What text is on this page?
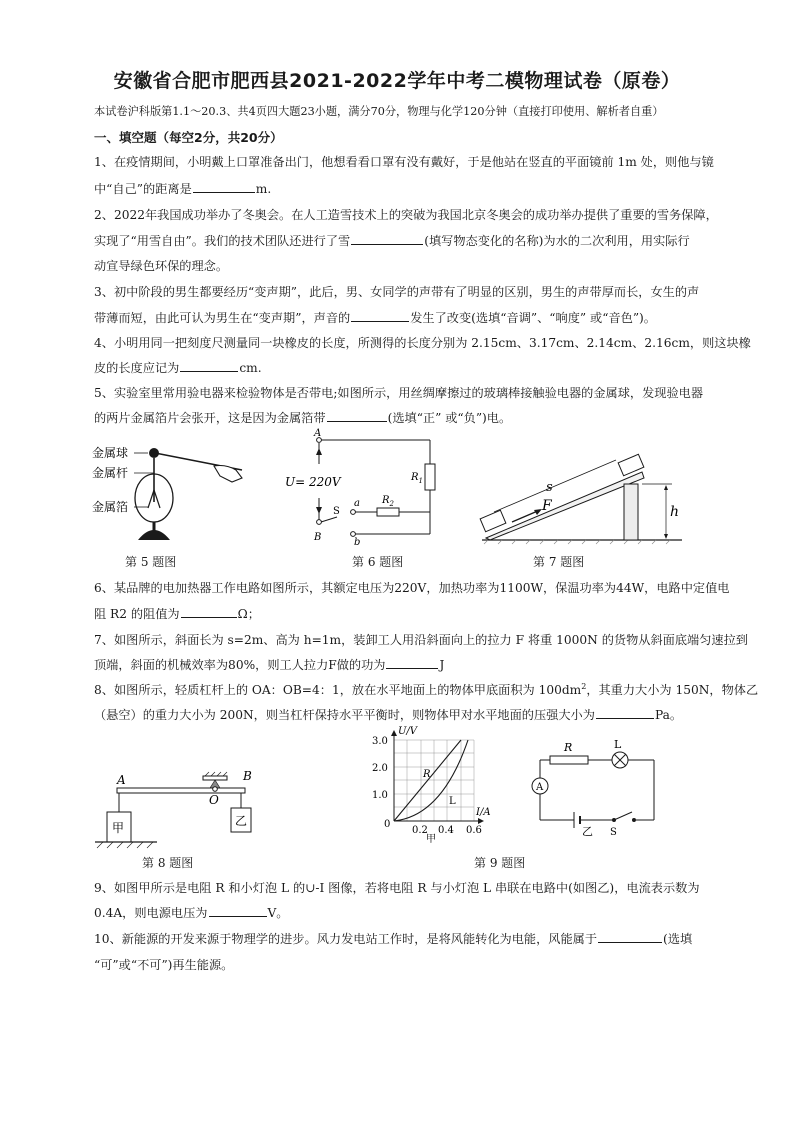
安徽省合肥市肥西县2021-2022学年中考二模物理试卷（原卷）
本试卷沪科版第1.1～20.3、共4页四大题23小题，满分70分，物理与化学120分钟（直接打印使用、解析者自重）
一、填空题（每空2分，共20分）
1、在疫情期间，小明戴上口罩准备出门，他想看看口罩有没有戴好，于是他站在竖直的平面镜前 1m 处，则他与镜
中“自己”的距离是	m.
2、2022年我国成功举办了冬奥会。在人工造雪技术上的突破为我国北京冬奥会的成功举办提供了重要的雪务保障，
实现了“用雪自由”。我们的技术团队还进行了雪	(填写物态变化的名称)为水的二次利用，用实际行
动宣导绿色环保的理念。
3、初中阶段的男生都要经历“变声期”，此后，男、女同学的声带有了明显的区别，男生的声带厚而长，女生的声
带薄而短，由此可认为男生在“变声期”，声音的	发生了改变(选填“音调”、“响度” 或“音色”)。
4、小明用同一把刻度尺测量同一块橡皮的长度，所测得的长度分别为 2.15cm、3.17cm、2.14cm、2.16cm，则这块橡
皮的长度应记为	cm.
5、实验室里常用验电器来检验物体是否带电;如图所示，用丝绸摩擦过的玻璃棒接触验电器的金属球，发现验电器
的两片金属箔片会张开，这是因为金属箔带	(选填“正” 或“负”)电。
金属球
金属杆
金属箔
第 5 题图
A
B
U= 220V	$R_1$
$R_2$
S
a
b
第 6 题图
s
F	h
第 7 题图
6、某品牌的电加热器工作电路如图所示，其额定电压为220V，加热功率为1100W，保温功率为44W，电路中定值电
阻 R2 的阻值为	Ω；
7、如图所示，斜面长为 s=2m、高为 h=1m，装卸工人用沿斜面向上的拉力 F 将重 1000N 的货物从斜面底端匀速拉到
顶端，斜面的机械效率为80%，则工人拉力F做的功为	J
8、如图所示，轻质杠杆上的 OA：OB=4：1，放在水平地面上的物体甲底面积为 $100dm^2$，其重力大小为 150N，物体乙
（悬空）的重力大小为 200N，则当杠杆保持水平平衡时，则物体甲对水平地面的压强大小为	Pa。
A	B
O
甲	乙
第 8 题图
U/V
I/A
3.0
2.0
1.0
0
0.2 0.4 0.6
R
L
甲
A
R	L
乙 S
第 9 题图
9、如图甲所示是电阻 R 和小灯泡 L 的∪-I 图像，若将电阻 R 与小灯泡 L 串联在电路中(如图乙)，电流表示数为
0.4A，则电源电压为	V。
10、新能源的开发来源于物理学的进步。风力发电站工作时，是将风能转化为电能，风能属于	(选填
“可”或“不可”)再生能源。
